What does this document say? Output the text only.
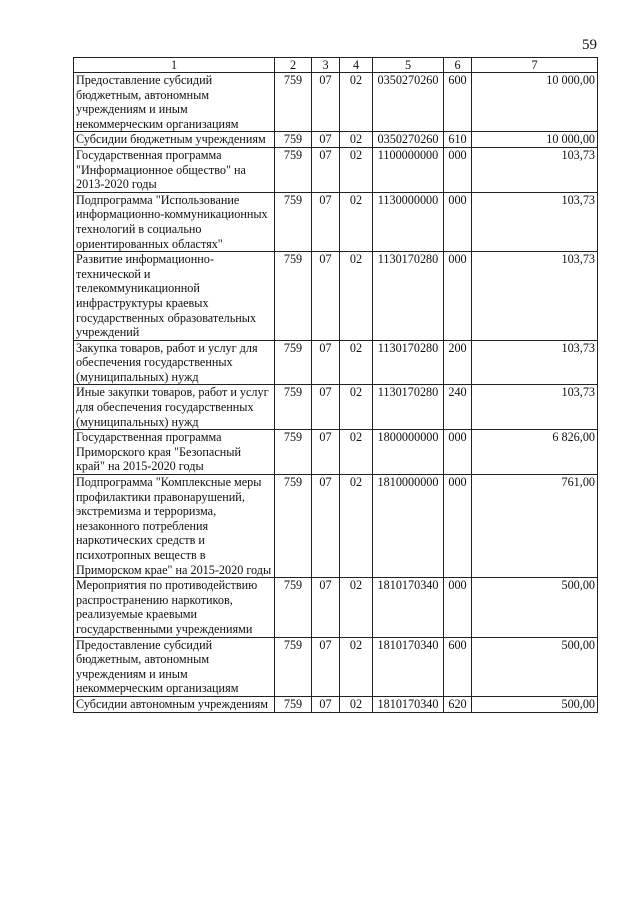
59
1	2	3	4	5	6	7
Предоставление субсидий бюджетным, автономным учреждениям и иным некоммерческим организациям	759	07	02	0350270260	600	10 000,00
Субсидии бюджетным учреждениям	759	07	02	0350270260	610	10 000,00
Государственная программа "Информационное общество" на 2013-2020 годы	759	07	02	1100000000	000	103,73
Подпрограмма "Использование информационно-коммуникационных технологий в социально ориентированных областях"	759	07	02	1130000000	000	103,73
Развитие информационно-технической и телекоммуникационной инфраструктуры краевых государственных образовательных учреждений	759	07	02	1130170280	000	103,73
Закупка товаров, работ и услуг для обеспечения государственных (муниципальных) нужд	759	07	02	1130170280	200	103,73
Иные закупки товаров, работ и услуг для обеспечения государственных (муниципальных) нужд	759	07	02	1130170280	240	103,73
Государственная программа Приморского края "Безопасный край" на 2015-2020 годы	759	07	02	1800000000	000	6 826,00
Подпрограмма "Комплексные меры профилактики правонарушений, экстремизма и терроризма, незаконного потребления наркотических средств и психотропных веществ в Приморском крае" на 2015-2020 годы	759	07	02	1810000000	000	761,00
Мероприятия по противодействию распространению наркотиков, реализуемые краевыми государственными учреждениями	759	07	02	1810170340	000	500,00
Предоставление субсидий бюджетным, автономным учреждениям и иным некоммерческим организациям	759	07	02	1810170340	600	500,00
Субсидии автономным учреждениям	759	07	02	1810170340	620	500,00
